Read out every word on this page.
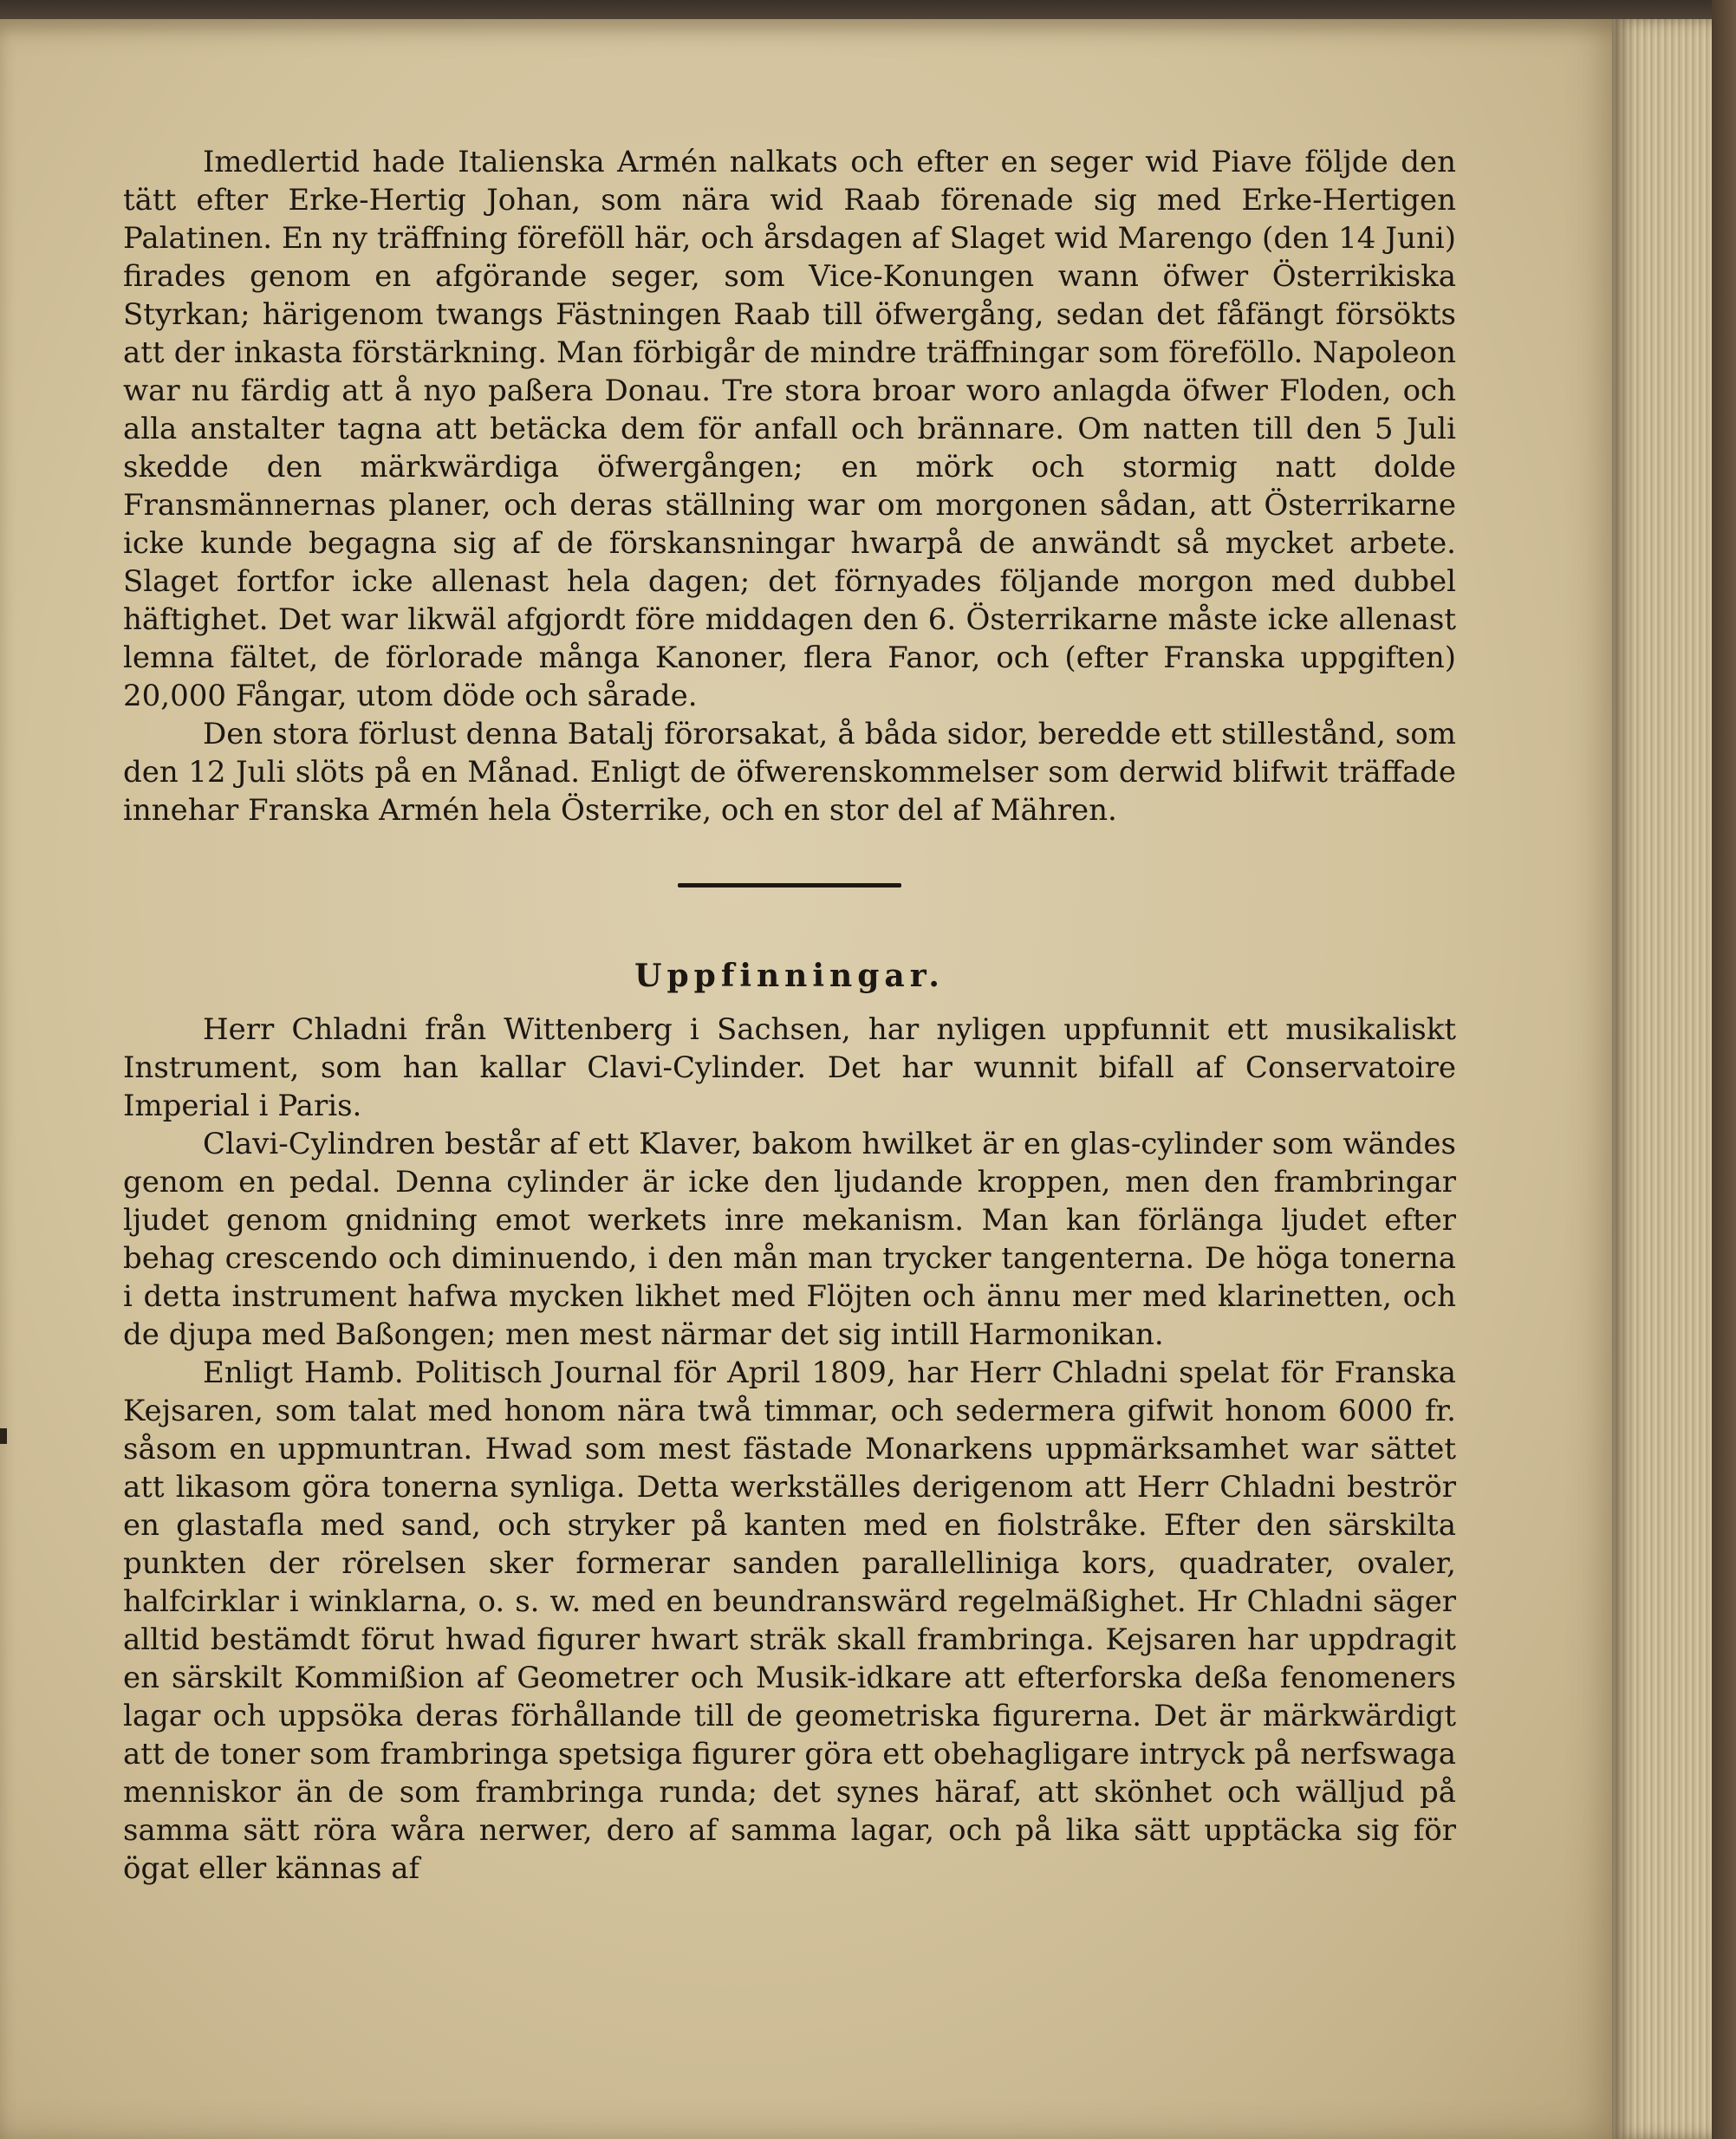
Imedlertid hade Italienska Armén nalkats och efter en seger wid Piave följde den tätt efter Erke-Hertig Johan, som nära wid Raab förenade sig med Erke-Hertigen Palatinen. En ny träffning föreföll här, och årsdagen af Slaget wid Marengo (den 14 Juni) firades genom en afgörande seger, som Vice-Konungen wann öfwer Österrikiska Styrkan; härigenom twangs Fästningen Raab till öfwergång, sedan det fåfängt försökts att der inkasta förstärkning. Man förbigår de mindre träffningar som föreföllo. Napoleon war nu färdig att å nyo paßera Donau. Tre stora broar woro anlagda öfwer Floden, och alla anstalter tagna att betäcka dem för anfall och brännare. Om natten till den 5 Juli skedde den märkwärdiga öfwergången; en mörk och stormig natt dolde Fransmännernas planer, och deras ställning war om morgonen sådan, att Österrikarne icke kunde begagna sig af de förskansningar hwarpå de anwändt så mycket arbete. Slaget fortfor icke allenast hela dagen; det förnyades följande morgon med dubbel häftighet. Det war likwäl afgjordt före middagen den 6. Österrikarne måste icke allenast lemna fältet, de förlorade många Kanoner, flera Fanor, och (efter Franska uppgiften) 20,000 Fångar, utom döde och sårade.

Den stora förlust denna Batalj förorsakat, å båda sidor, beredde ett stillestånd, som den 12 Juli slöts på en Månad. Enligt de öfwerenskommelser som derwid blifwit träffade innehar Franska Armén hela Österrike, och en stor del af Mähren.

Uppfinningar.

Herr Chladni från Wittenberg i Sachsen, har nyligen uppfunnit ett musikaliskt Instrument, som han kallar Clavi-Cylinder. Det har wunnit bifall af Conservatoire Imperial i Paris.

Clavi-Cylindren består af ett Klaver, bakom hwilket är en glas-cylinder som wändes genom en pedal. Denna cylinder är icke den ljudande kroppen, men den frambringar ljudet genom gnidning emot werkets inre mekanism. Man kan förlänga ljudet efter behag crescendo och diminuendo, i den mån man trycker tangenterna. De höga tonerna i detta instrument hafwa mycken likhet med Flöjten och ännu mer med klarinetten, och de djupa med Baßongen; men mest närmar det sig intill Harmonikan.

Enligt Hamb. Politisch Journal för April 1809, har Herr Chladni spelat för Franska Kejsaren, som talat med honom nära twå timmar, och sedermera gifwit honom 6000 fr. såsom en uppmuntran. Hwad som mest fästade Monarkens uppmärksamhet war sättet att likasom göra tonerna synliga. Detta werkställes derigenom att Herr Chladni beströr en glastafla med sand, och stryker på kanten med en fiolstråke. Efter den särskilta punkten der rörelsen sker formerar sanden parallelliniga kors, quadrater, ovaler, halfcirklar i winklarna, o. s. w. med en beundranswärd regelmäßighet. Hr Chladni säger alltid bestämdt förut hwad figurer hwart sträk skall frambringa. Kejsaren har uppdragit en särskilt Kommißion af Geometrer och Musik-idkare att efterforska deßa fenomeners lagar och uppsöka deras förhållande till de geometriska figurerna. Det är märkwärdigt att de toner som frambringa spetsiga figurer göra ett obehagligare intryck på nerfswaga menniskor än de som frambringa runda; det synes häraf, att skönhet och wälljud på samma sätt röra wåra nerwer, dero af samma lagar, och på lika sätt upptäcka sig för ögat eller kännas af
